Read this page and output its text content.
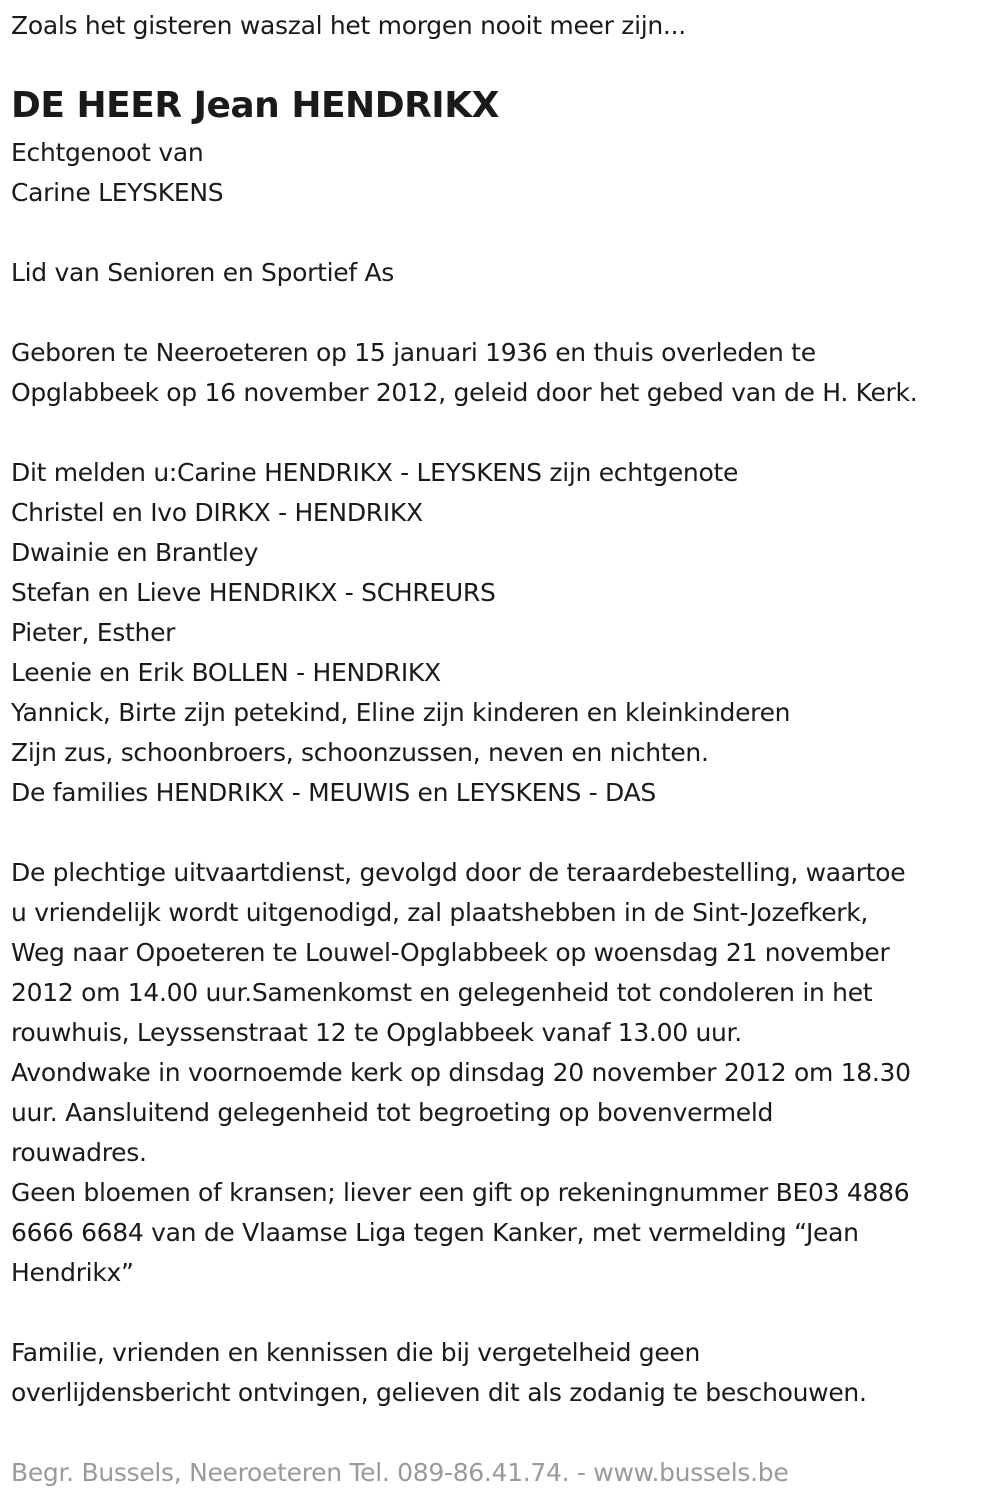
Zoals het gisteren waszal het morgen nooit meer zijn...
DE HEER Jean HENDRIKX
Echtgenoot van
Carine LEYSKENS
Lid van Senioren en Sportief As
Geboren te Neeroeteren op 15 januari 1936 en thuis overleden te
Opglabbeek op 16 november 2012, geleid door het gebed van de H. Kerk.
Dit melden u:Carine HENDRIKX - LEYSKENS zijn echtgenote
Christel en Ivo DIRKX - HENDRIKX
Dwainie en Brantley
Stefan en Lieve HENDRIKX - SCHREURS
Pieter, Esther
Leenie en Erik BOLLEN - HENDRIKX
Yannick, Birte zijn petekind, Eline zijn kinderen en kleinkinderen
Zijn zus, schoonbroers, schoonzussen, neven en nichten.
De families HENDRIKX - MEUWIS en LEYSKENS - DAS
De plechtige uitvaartdienst, gevolgd door de teraardebestelling, waartoe
u vriendelijk wordt uitgenodigd, zal plaatshebben in de Sint-Jozefkerk,
Weg naar Opoeteren te Louwel-Opglabbeek op woensdag 21 november
2012 om 14.00 uur.Samenkomst en gelegenheid tot condoleren in het
rouwhuis, Leyssenstraat 12 te Opglabbeek vanaf 13.00 uur.
Avondwake in voornoemde kerk op dinsdag 20 november 2012 om 18.30
uur. Aansluitend gelegenheid tot begroeting op bovenvermeld
rouwadres.
Geen bloemen of kransen; liever een gift op rekeningnummer BE03 4886
6666 6684 van de Vlaamse Liga tegen Kanker, met vermelding “Jean
Hendrikx”
Familie, vrienden en kennissen die bij vergetelheid geen
overlijdensbericht ontvingen, gelieven dit als zodanig te beschouwen.
Begr. Bussels, Neeroeteren Tel. 089-86.41.74. - www.bussels.be
